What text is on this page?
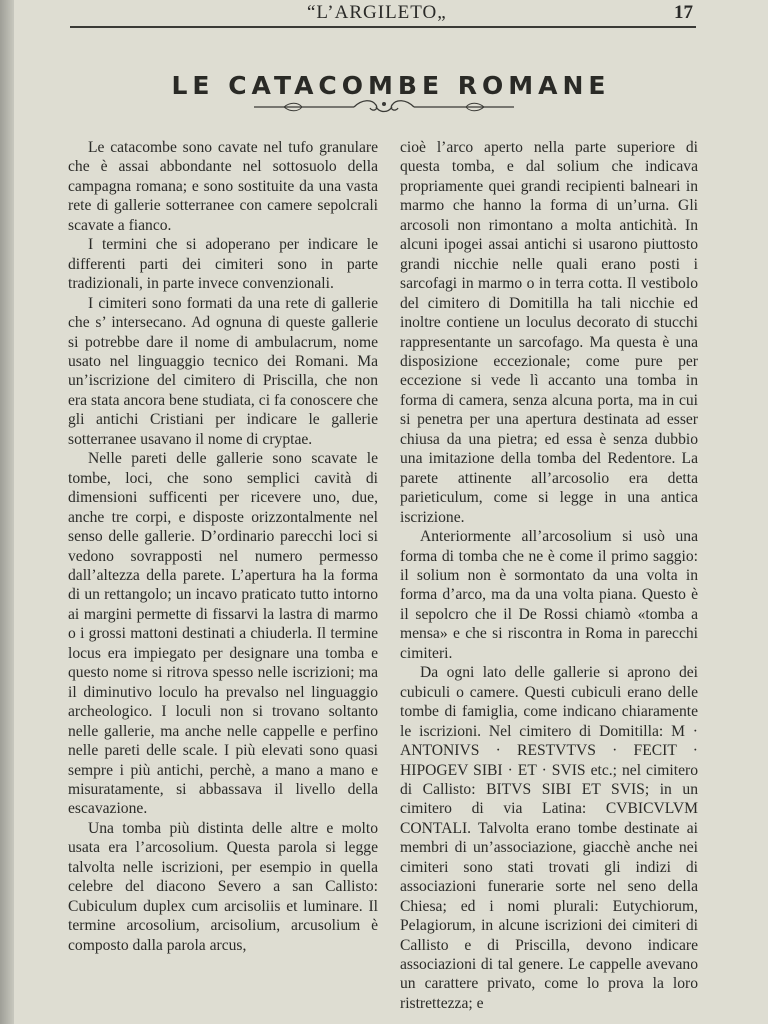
“L’ARGILETO„	17
LE CATACOMBE ROMANE

Le catacombe sono cavate nel tufo granulare che è assai abbondante nel sottosuolo della campagna romana; e sono sostituite da una vasta rete di gallerie sotterranee con camere sepolcrali scavate a fianco.

I termini che si adoperano per indicare le differenti parti dei cimiteri sono in parte tradizionali, in parte invece convenzionali.

I cimiteri sono formati da una rete di gallerie che s’ intersecano. Ad ognuna di queste gallerie si potrebbe dare il nome di ambulacrum, nome usato nel linguaggio tecnico dei Romani. Ma un’iscrizione del cimitero di Priscilla, che non era stata ancora bene studiata, ci fa conoscere che gli antichi Cristiani per indicare le gallerie sotterranee usavano il nome di cryptae.

Nelle pareti delle gallerie sono scavate le tombe, loci, che sono semplici cavità di dimensioni sufficenti per ricevere uno, due, anche tre corpi, e disposte orizzontalmente nel senso delle gallerie. D’ordinario parecchi loci si vedono sovrapposti nel numero permesso dall’altezza della parete. L’apertura ha la forma di un rettangolo; un incavo praticato tutto intorno ai margini permette di fissarvi la lastra di marmo o i grossi mattoni destinati a chiuderla. Il termine locus era impiegato per designare una tomba e questo nome si ritrova spesso nelle iscrizioni; ma il diminutivo loculo ha prevalso nel linguaggio archeologico. I loculi non si trovano soltanto nelle gallerie, ma anche nelle cappelle e perfino nelle pareti delle scale. I più elevati sono quasi sempre i più antichi, perchè, a mano a mano e misuratamente, si abbassava il livello della escavazione.

Una tomba più distinta delle altre e molto usata era l’arcosolium. Questa parola si legge talvolta nelle iscrizioni, per esempio in quella celebre del diacono Severo a san Callisto: Cubiculum duplex cum arcisoliis et luminare. Il termine arcosolium, arcisolium, arcusolium è composto dalla parola arcus,

cioè l’arco aperto nella parte superiore di questa tomba, e dal solium che indicava propriamente quei grandi recipienti balneari in marmo che hanno la forma di un’urna. Gli arcosoli non rimontano a molta antichità. In alcuni ipogei assai antichi si usarono piuttosto grandi nicchie nelle quali erano posti i sarcofagi in marmo o in terra cotta. Il vestibolo del cimitero di Domitilla ha tali nicchie ed inoltre contiene un loculus decorato di stucchi rappresentante un sarcofago. Ma questa è una disposizione eccezionale; come pure per eccezione si vede lì accanto una tomba in forma di camera, senza alcuna porta, ma in cui si penetra per una apertura destinata ad esser chiusa da una pietra; ed essa è senza dubbio una imitazione della tomba del Redentore. La parete attinente all’arcosolio era detta parieticulum, come si legge in una antica iscrizione.

Anteriormente all’arcosolium si usò una forma di tomba che ne è come il primo saggio: il solium non è sormontato da una volta in forma d’arco, ma da una volta piana. Questo è il sepolcro che il De Rossi chiamò «tomba a mensa» e che si riscontra in Roma in parecchi cimiteri.

Da ogni lato delle gallerie si aprono dei cubiculi o camere. Questi cubiculi erano delle tombe di famiglia, come indicano chiaramente le iscrizioni. Nel cimitero di Domitilla: M · ANTONIVS · RESTVTVS · FECIT · HIPOGEV SIBI · ET · SVIS etc.; nel cimitero di Callisto: BITVS SIBI ET SVIS; in un cimitero di via Latina: CVBICVLVM CONTALI. Talvolta erano tombe destinate ai membri di un’associazione, giacchè anche nei cimiteri sono stati trovati gli indizi di associazioni funerarie sorte nel seno della Chiesa; ed i nomi plurali: Eutychiorum, Pelagiorum, in alcune iscrizioni dei cimiteri di Callisto e di Priscilla, devono indicare associazioni di tal genere. Le cappelle avevano un carattere privato, come lo prova la loro ristrettezza; e
